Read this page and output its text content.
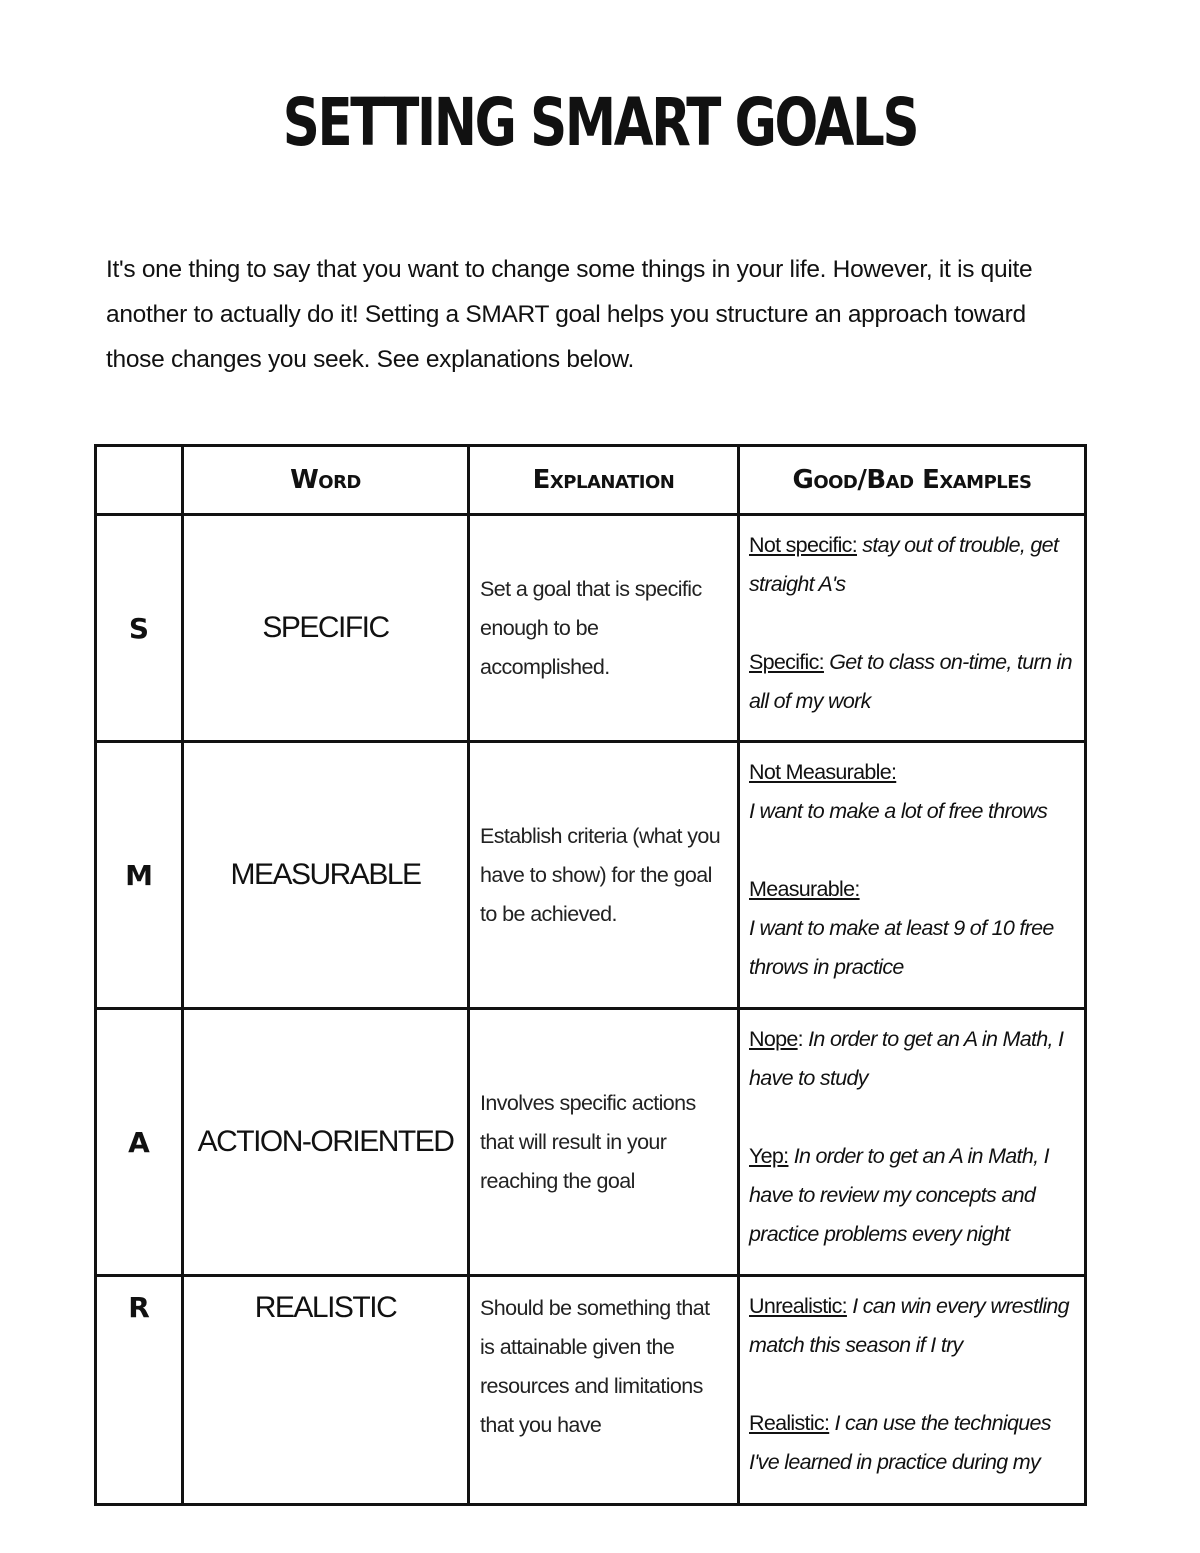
SETTING SMART GOALS
It's one thing to say that you want to change some things in your life. However, it is quite
another to actually do it! Setting a SMART goal helps you structure an approach toward
those changes you seek. See explanations below.
	Word	Explanation	Good/Bad Examples
S	SPECIFIC	Set a goal that is specific enough to be accomplished.	Not specific: stay out of trouble, get straight A's
Specific: Get to class on-time, turn in all of my work
M	MEASURABLE	Establish criteria (what you have to show) for the goal to be achieved.	Not Measurable:
I want to make a lot of free throws
Measurable:
I want to make at least 9 of 10 free throws in practice
A	ACTION-ORIENTED	Involves specific actions that will result in your reaching the goal	Nope: In order to get an A in Math, I have to study
Yep: In order to get an A in Math, I have to review my concepts and practice problems every night
R	REALISTIC	Should be something that is attainable given the resources and limitations that you have	Unrealistic: I can win every wrestling match this season if I try
Realistic: I can use the techniques I've learned in practice during my
